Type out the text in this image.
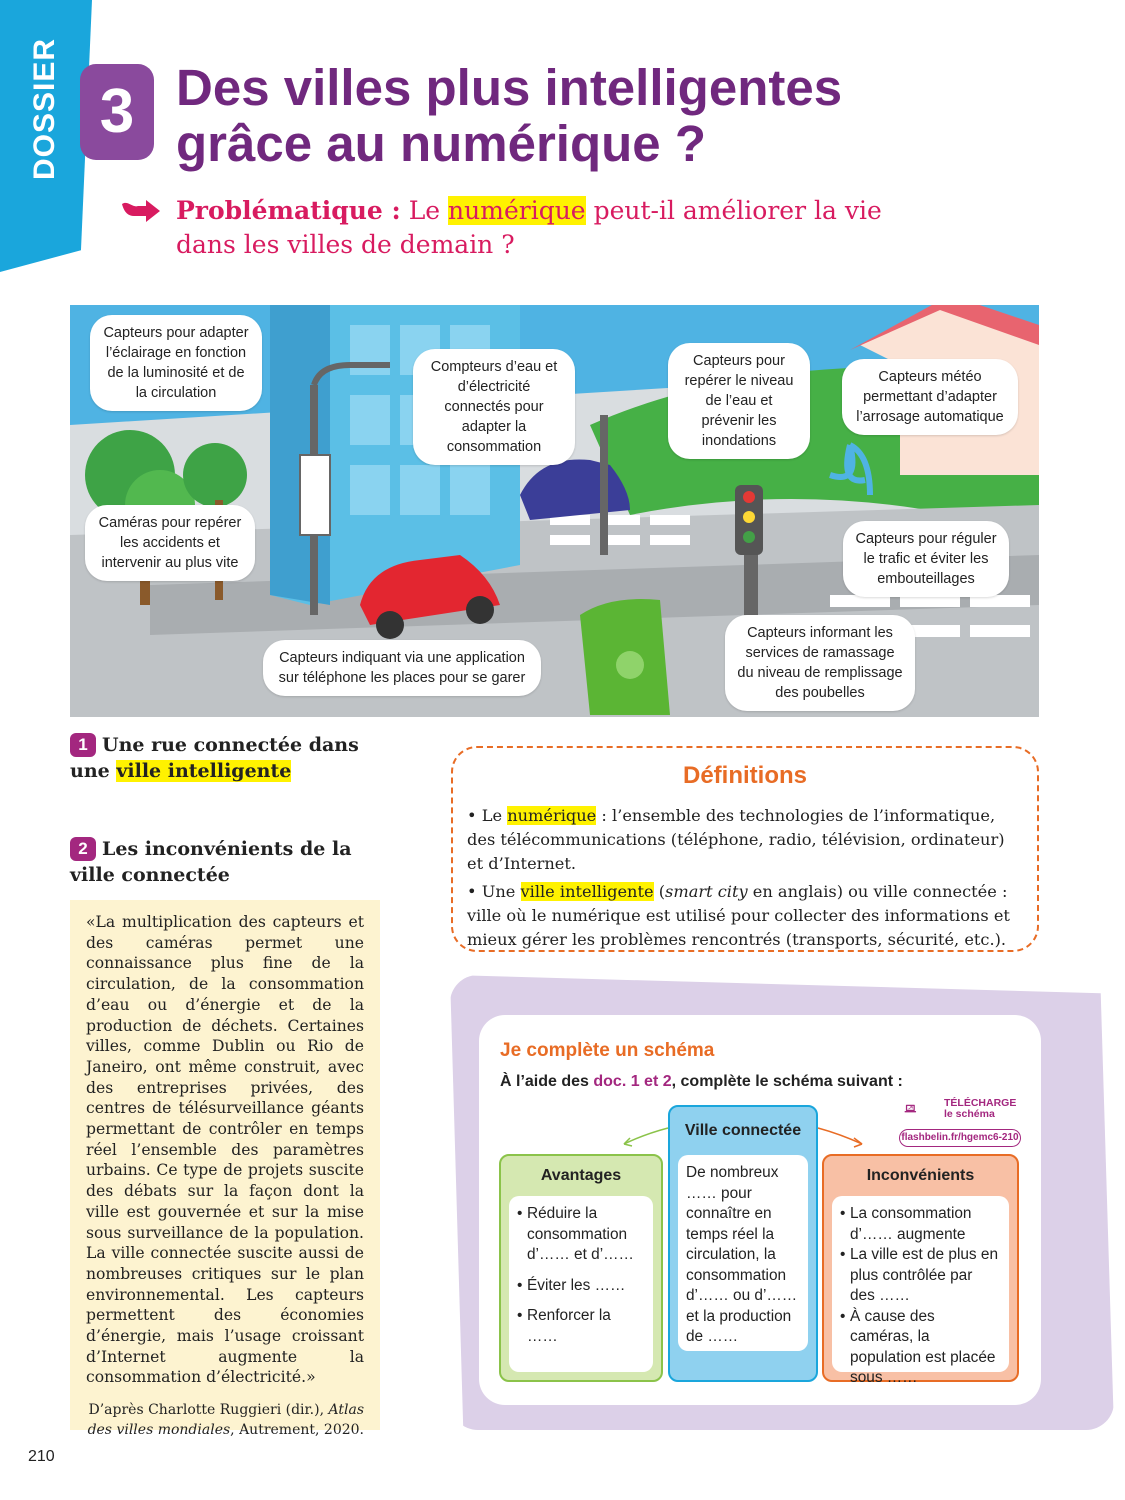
DOSSIER 3 Des villes plus intelligentes
grâce au numérique ?

Problématique : Le numérique peut-il améliorer la vie dans les villes de demain ?

Capteurs pour adapter l’éclairage en fonction de la luminosité et de la circulation
Compteurs d’eau et d’électricité connectés pour adapter la consommation
Capteurs pour repérer le niveau de l’eau et prévenir les inondations
Capteurs météo permettant d’adapter l’arrosage automatique
Caméras pour repérer les accidents et intervenir au plus vite
Capteurs pour réguler le trafic et éviter les embouteillages
Capteurs informant les services de ramassage du niveau de remplissage des poubelles
Capteurs indiquant via une application sur téléphone les places pour se garer
1 Une rue connectée dans une ville intelligente
2 Les inconvénients de la ville connectée

«La multiplication des capteurs et des caméras permet une connaissance plus fine de la circulation, de la consommation d’eau ou d’énergie et de la production de déchets. Certaines villes, comme Dublin ou Rio de Janeiro, ont même construit, avec des entreprises privées, des centres de télésurveillance géants permettant de contrôler en temps réel l’ensemble des paramètres urbains. Ce type de projets suscite des débats sur la façon dont la ville est gouvernée et sur la mise sous surveillance de la population. La ville connectée suscite aussi de nombreuses critiques sur le plan environnemental. Les capteurs permettent des économies d’énergie, mais l’usage croissant d’Internet augmente la consommation d’électricité.»

D’après Charlotte Ruggieri (dir.), Atlas des villes mondiales, Autrement, 2020.

Définitions

• Le numérique : l’ensemble des technologies de l’informatique, des télécommunications (téléphone, radio, télévision, ordinateur) et d’Internet.

• Une ville intelligente (smart city en anglais) ou ville connectée : ville où le numérique est utilisé pour collecter des informations et mieux gérer les problèmes rencontrés (transports, sécurité, etc.).

Je complète un schéma

À l’aide des doc. 1 et 2, complète le schéma suivant :

TÉLÉCHARGE
le schéma
flashbelin.fr/hgemc6-210
Ville connectée
De nombreux …… pour connaître en temps réel la circulation, la consommation d’…… ou d’…… et la production de ……
Avantages
• Réduire la consommation d’…… et d’……
• Éviter les ……
• Renforcer la ……
Inconvénients
• La consommation d’…… augmente
• La ville est de plus en plus contrôlée par des ……
• À cause des caméras, la population est placée sous ……

210
